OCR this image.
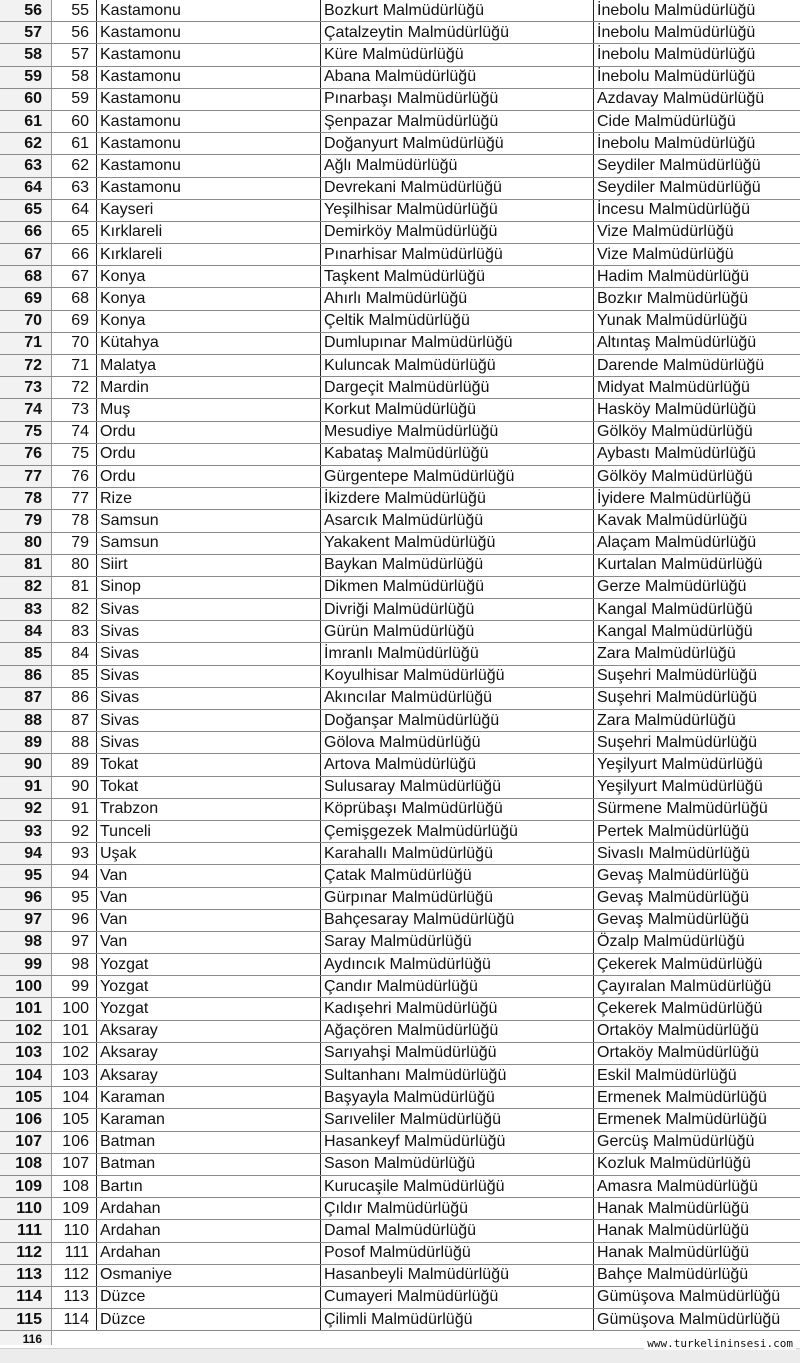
56	55 Kastamonu	Bozkurt Malmüdürlüğü	İnebolu Malmüdürlüğü
57	56 Kastamonu	Çatalzeytin Malmüdürlüğü	İnebolu Malmüdürlüğü
58	57 Kastamonu	Küre Malmüdürlüğü	İnebolu Malmüdürlüğü
59	58 Kastamonu	Abana Malmüdürlüğü	İnebolu Malmüdürlüğü
60	59 Kastamonu	Pınarbaşı Malmüdürlüğü	Azdavay Malmüdürlüğü
61	60 Kastamonu	Şenpazar Malmüdürlüğü	Cide Malmüdürlüğü
62	61 Kastamonu	Doğanyurt Malmüdürlüğü	İnebolu Malmüdürlüğü
63	62 Kastamonu	Ağlı Malmüdürlüğü	Seydiler Malmüdürlüğü
64	63 Kastamonu	Devrekani Malmüdürlüğü	Seydiler Malmüdürlüğü
65	64 Kayseri	Yeşilhisar Malmüdürlüğü	İncesu Malmüdürlüğü
66	65 Kırklareli	Demirköy Malmüdürlüğü	Vize Malmüdürlüğü
67	66 Kırklareli	Pınarhisar Malmüdürlüğü	Vize Malmüdürlüğü
68	67 Konya	Taşkent Malmüdürlüğü	Hadim Malmüdürlüğü
69	68 Konya	Ahırlı Malmüdürlüğü	Bozkır Malmüdürlüğü
70	69 Konya	Çeltik Malmüdürlüğü	Yunak Malmüdürlüğü
71	70 Kütahya	Dumlupınar Malmüdürlüğü	Altıntaş Malmüdürlüğü
72	71 Malatya	Kuluncak Malmüdürlüğü	Darende Malmüdürlüğü
73	72 Mardin	Dargeçit Malmüdürlüğü	Midyat Malmüdürlüğü
74	73 Muş	Korkut Malmüdürlüğü	Hasköy Malmüdürlüğü
75	74 Ordu	Mesudiye Malmüdürlüğü	Gölköy Malmüdürlüğü
76	75 Ordu	Kabataş Malmüdürlüğü	Aybastı Malmüdürlüğü
77	76 Ordu	Gürgentepe Malmüdürlüğü	Gölköy Malmüdürlüğü
78	77 Rize	İkizdere Malmüdürlüğü	İyidere Malmüdürlüğü
79	78 Samsun	Asarcık Malmüdürlüğü	Kavak Malmüdürlüğü
80	79 Samsun	Yakakent Malmüdürlüğü	Alaçam Malmüdürlüğü
81	80 Siirt	Baykan Malmüdürlüğü	Kurtalan Malmüdürlüğü
82	81 Sinop	Dikmen Malmüdürlüğü	Gerze Malmüdürlüğü
83	82 Sivas	Divriği Malmüdürlüğü	Kangal Malmüdürlüğü
84	83 Sivas	Gürün Malmüdürlüğü	Kangal Malmüdürlüğü
85	84 Sivas	İmranlı Malmüdürlüğü	Zara Malmüdürlüğü
86	85 Sivas	Koyulhisar Malmüdürlüğü	Suşehri Malmüdürlüğü
87	86 Sivas	Akıncılar Malmüdürlüğü	Suşehri Malmüdürlüğü
88	87 Sivas	Doğanşar Malmüdürlüğü	Zara Malmüdürlüğü
89	88 Sivas	Gölova Malmüdürlüğü	Suşehri Malmüdürlüğü
90	89 Tokat	Artova Malmüdürlüğü	Yeşilyurt Malmüdürlüğü
91	90 Tokat	Sulusaray Malmüdürlüğü	Yeşilyurt Malmüdürlüğü
92	91 Trabzon	Köprübaşı Malmüdürlüğü	Sürmene Malmüdürlüğü
93	92 Tunceli	Çemişgezek Malmüdürlüğü	Pertek Malmüdürlüğü
94	93 Uşak	Karahallı Malmüdürlüğü	Sivaslı Malmüdürlüğü
95	94 Van	Çatak Malmüdürlüğü	Gevaş Malmüdürlüğü
96	95 Van	Gürpınar Malmüdürlüğü	Gevaş Malmüdürlüğü
97	96 Van	Bahçesaray Malmüdürlüğü	Gevaş Malmüdürlüğü
98	97 Van	Saray Malmüdürlüğü	Özalp Malmüdürlüğü
99	98 Yozgat	Aydıncık Malmüdürlüğü	Çekerek Malmüdürlüğü
100	99 Yozgat	Çandır Malmüdürlüğü	Çayıralan Malmüdürlüğü
101	100 Yozgat	Kadışehri Malmüdürlüğü	Çekerek Malmüdürlüğü
102	101 Aksaray	Ağaçören Malmüdürlüğü	Ortaköy Malmüdürlüğü
103	102 Aksaray	Sarıyahşi Malmüdürlüğü	Ortaköy Malmüdürlüğü
104	103 Aksaray	Sultanhanı Malmüdürlüğü	Eskil Malmüdürlüğü
105	104 Karaman	Başyayla Malmüdürlüğü	Ermenek Malmüdürlüğü
106	105 Karaman	Sarıveliler Malmüdürlüğü	Ermenek Malmüdürlüğü
107	106 Batman	Hasankeyf Malmüdürlüğü	Gercüş Malmüdürlüğü
108	107 Batman	Sason Malmüdürlüğü	Kozluk Malmüdürlüğü
109	108 Bartın	Kurucaşile Malmüdürlüğü	Amasra Malmüdürlüğü
110	109 Ardahan	Çıldır Malmüdürlüğü	Hanak Malmüdürlüğü
111	110 Ardahan	Damal Malmüdürlüğü	Hanak Malmüdürlüğü
112	111 Ardahan	Posof Malmüdürlüğü	Hanak Malmüdürlüğü
113	112 Osmaniye	Hasanbeyli Malmüdürlüğü	Bahçe Malmüdürlüğü
114	113 Düzce	Cumayeri Malmüdürlüğü	Gümüşova Malmüdürlüğü
115	114 Düzce	Çilimli Malmüdürlüğü	Gümüşova Malmüdürlüğü
116	www.turkelininsesi.com
